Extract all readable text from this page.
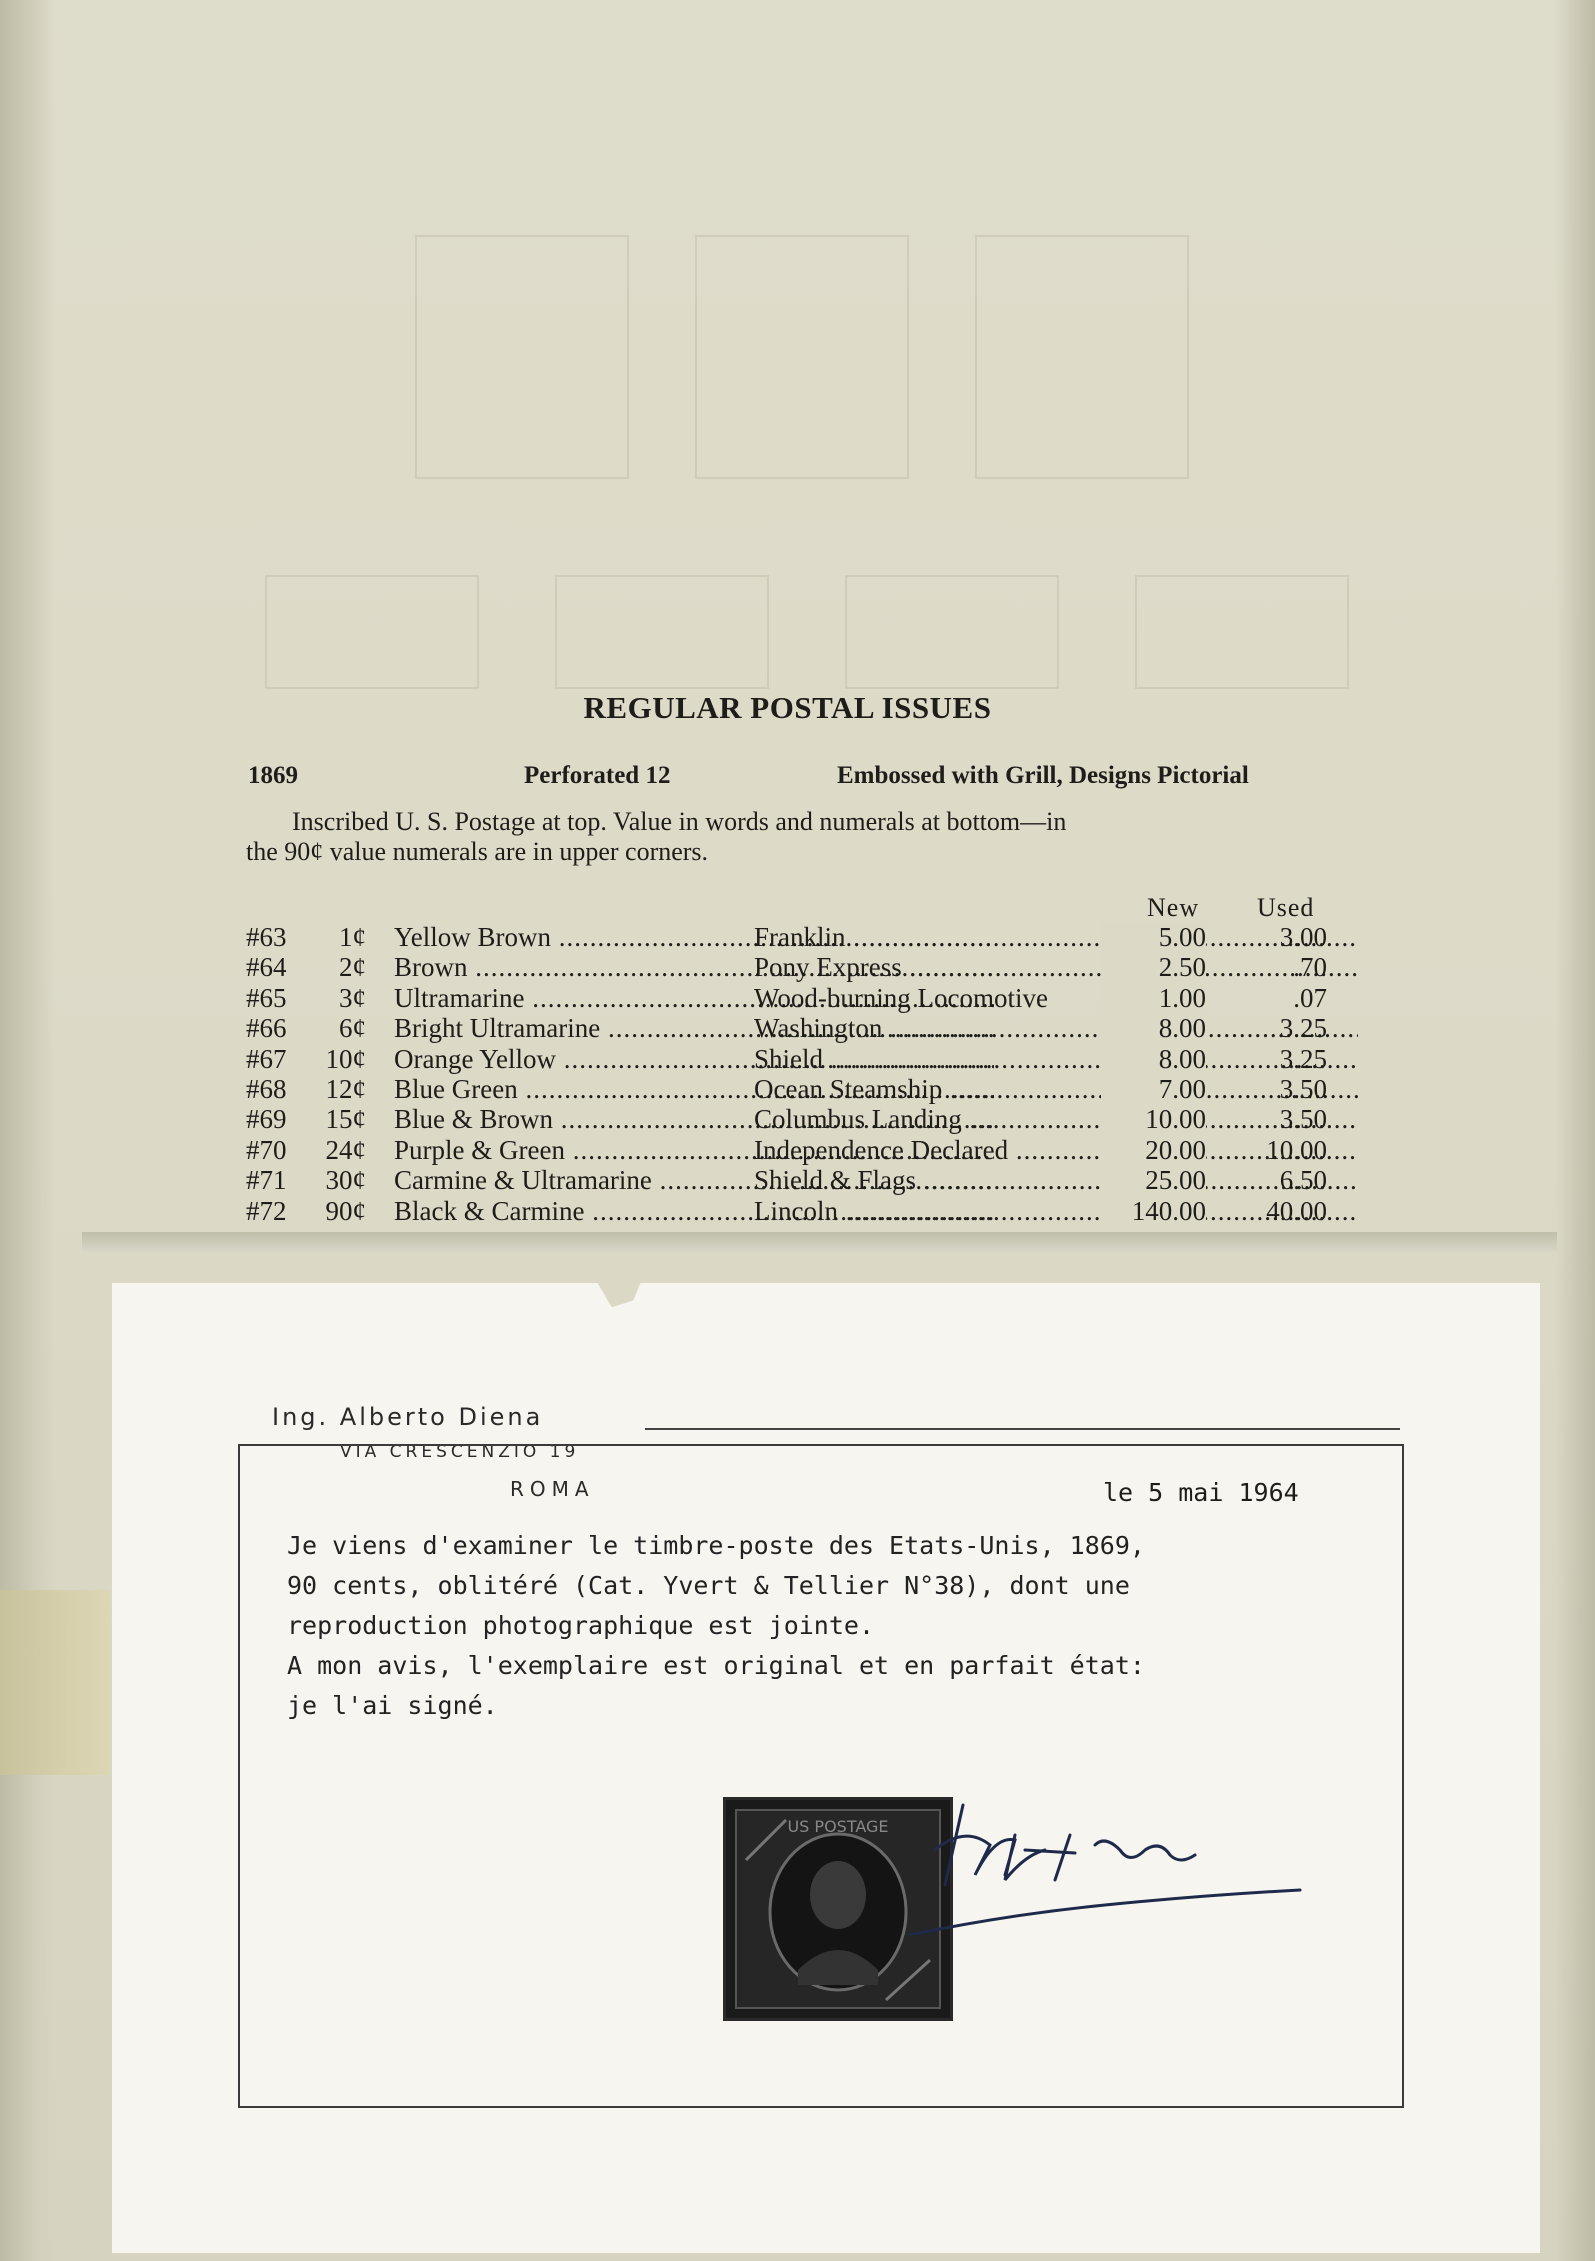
REGULAR POSTAL ISSUES
1869	Perforated 12	Embossed with Grill, Designs Pictorial

Inscribed U. S. Postage at top. Value in words and numerals at bottom—in

the 90¢ value numerals are in upper corners.

New Used
#63	1¢ Yellow Brown .....	Franklin .....	5.00	3.00
#64	2¢ Brown .....	Pony Express .....	2.50	.70
#65	3¢ Ultramarine .....	Wood-burning Locomotive	1.00	.07
#66	6¢ Bright Ultramarine .....	Washington .....	8.00	3.25
#67	10¢ Orange Yellow .....	Shield .....	8.00	3.25
#68	12¢ Blue Green .....	Ocean Steamship .....	7.00	3.50
#69	15¢ Blue & Brown .....	Columbus Landing .....	10.00	3.50
#70	24¢ Purple & Green .....	Independence Declared .....	20.00	10.00
#71	30¢ Carmine & Ultramarine .....	Shield & Flags .....	25.00	6.50
#72	90¢ Black & Carmine .....	Lincoln .....	140.00	40.00
Ing. Alberto Diena
VIA CRESCENZIO 19
ROMA	le 5 mai 1964
Je viens d'examiner le timbre-poste des Etats-Unis, 1869,
90 cents, oblitéré (Cat. Yvert & Tellier N°38), dont une
reproduction photographique est jointe.
A mon avis, l'exemplaire est original et en parfait état:
je l'ai signé.
US POSTAGE
